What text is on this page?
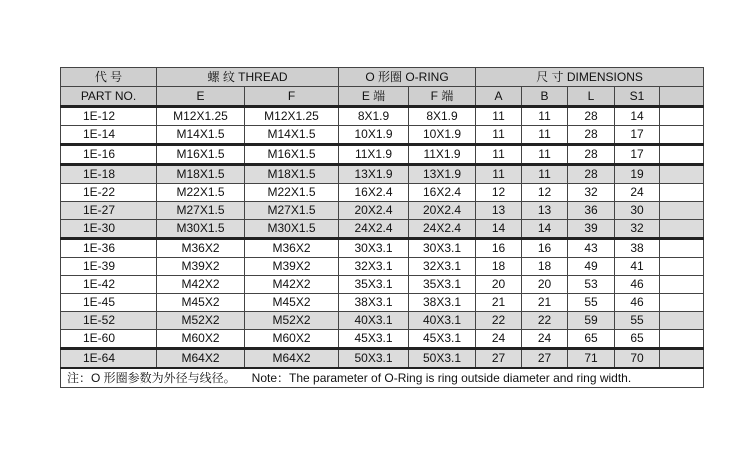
代 号	螺 纹 THREAD		O 形圈 O-RING		尺 寸 DIMENSIONS				
PART NO.	E	F	E 端	F 端	A	B	L	S1	
1E-12	M12X1.25	M12X1.25	8X1.9	8X1.9	11	11	28	14	
1E-14	M14X1.5	M14X1.5	10X1.9	10X1.9	11	11	28	17	
1E-16	M16X1.5	M16X1.5	11X1.9	11X1.9	11	11	28	17	
1E-18	M18X1.5	M18X1.5	13X1.9	13X1.9	11	11	28	19	
1E-22	M22X1.5	M22X1.5	16X2.4	16X2.4	12	12	32	24	
1E-27	M27X1.5	M27X1.5	20X2.4	20X2.4	13	13	36	30	
1E-30	M30X1.5	M30X1.5	24X2.4	24X2.4	14	14	39	32	
1E-36	M36X2	M36X2	30X3.1	30X3.1	16	16	43	38	
1E-39	M39X2	M39X2	32X3.1	32X3.1	18	18	49	41	
1E-42	M42X2	M42X2	35X3.1	35X3.1	20	20	53	46	
1E-45	M45X2	M45X2	38X3.1	38X3.1	21	21	55	46	
1E-52	M52X2	M52X2	40X3.1	40X3.1	22	22	59	55	
1E-60	M60X2	M60X2	45X3.1	45X3.1	24	24	65	65	
1E-64	M64X2	M64X2	50X3.1	50X3.1	27	27	71	70	
注：O 形圈参数为外径与线径。 Note：The parameter of O-Ring is ring outside diameter and ring width.									
